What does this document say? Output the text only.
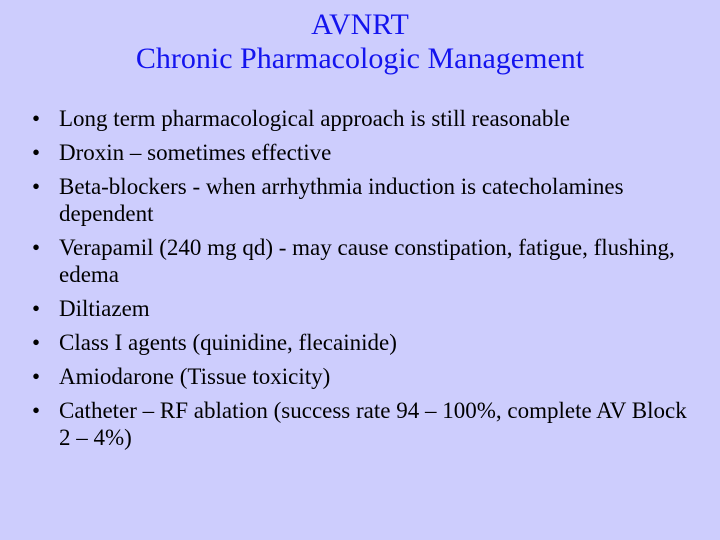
AVNRT
Chronic Pharmacologic Management
• Long term pharmacological approach is still reasonable
• Droxin – sometimes effective
• Beta-blockers - when arrhythmia induction is catecholamines dependent
• Verapamil (240 mg qd) - may cause constipation, fatigue, flushing, edema
• Diltiazem
• Class I agents (quinidine, flecainide)
• Amiodarone (Tissue toxicity)
• Catheter – RF ablation (success rate 94 – 100%, complete AV Block 2 – 4%)
